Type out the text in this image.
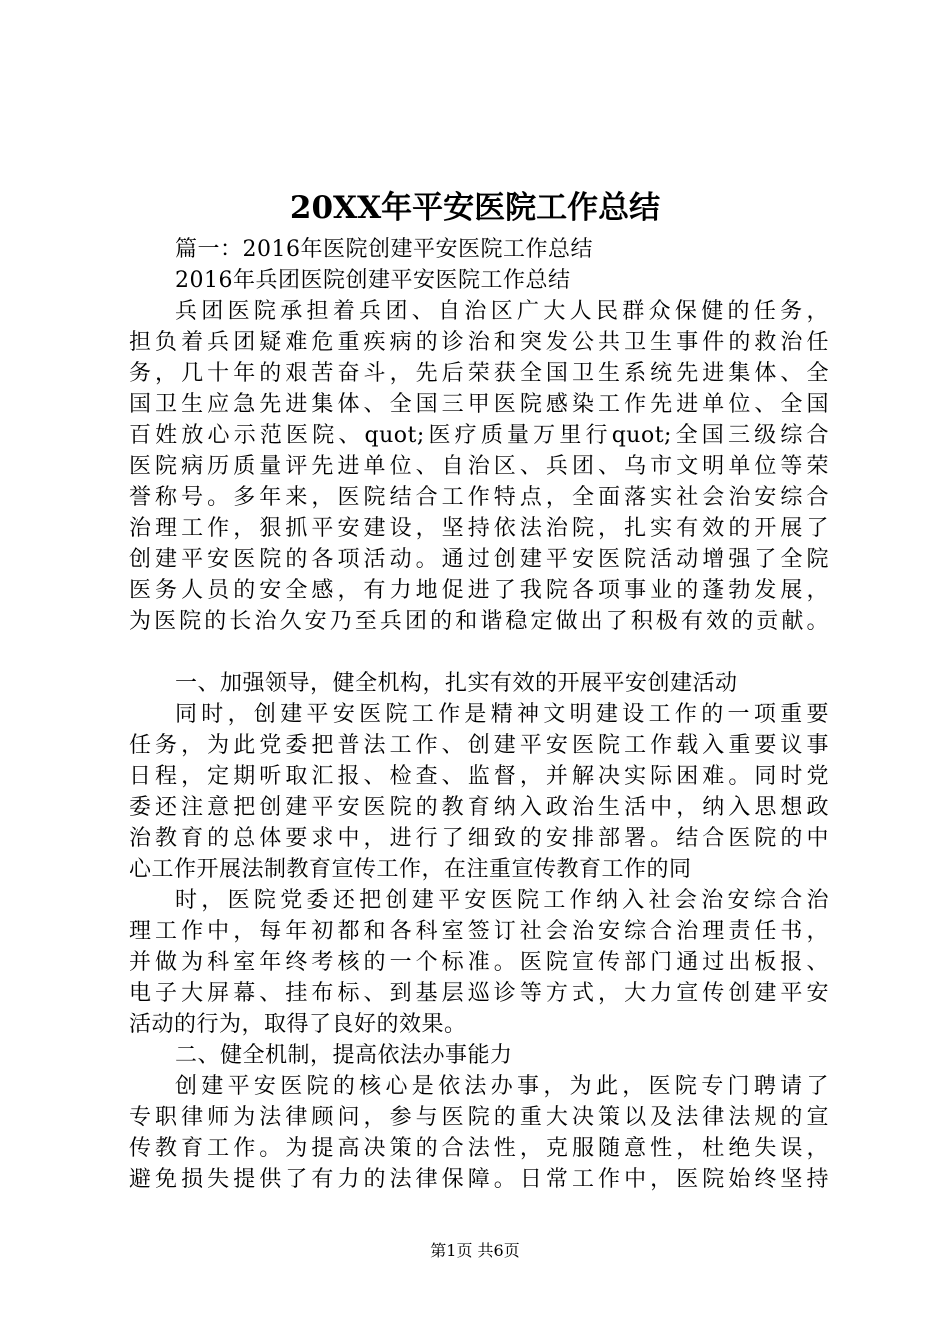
20XX年平安医院工作总结
篇一：2016年医院创建平安医院工作总结
2016年兵团医院创建平安医院工作总结
兵团医院承担着兵团、自治区广大人民群众保健的任务，
担负着兵团疑难危重疾病的诊治和突发公共卫生事件的救治任
务，几十年的艰苦奋斗，先后荣获全国卫生系统先进集体、全
国卫生应急先进集体、全国三甲医院感染工作先进单位、全国
百姓放心示范医院、quot;医疗质量万里行quot;全国三级综合
医院病历质量评先进单位、自治区、兵团、乌市文明单位等荣
誉称号。多年来，医院结合工作特点，全面落实社会治安综合
治理工作，狠抓平安建设，坚持依法治院，扎实有效的开展了
创建平安医院的各项活动。通过创建平安医院活动增强了全院
医务人员的安全感，有力地促进了我院各项事业的蓬勃发展，
为医院的长治久安乃至兵团的和谐稳定做出了积极有效的贡献。
一、加强领导，健全机构，扎实有效的开展平安创建活动
同时，创建平安医院工作是精神文明建设工作的一项重要
任务，为此党委把普法工作、创建平安医院工作载入重要议事
日程，定期听取汇报、检查、监督，并解决实际困难。同时党
委还注意把创建平安医院的教育纳入政治生活中，纳入思想政
治教育的总体要求中，进行了细致的安排部署。结合医院的中
心工作开展法制教育宣传工作，在注重宣传教育工作的同
时，医院党委还把创建平安医院工作纳入社会治安综合治
理工作中，每年初都和各科室签订社会治安综合治理责任书，
并做为科室年终考核的一个标准。医院宣传部门通过出板报、
电子大屏幕、挂布标、到基层巡诊等方式，大力宣传创建平安
活动的行为，取得了良好的效果。
二、健全机制，提高依法办事能力
创建平安医院的核心是依法办事，为此，医院专门聘请了
专职律师为法律顾问，参与医院的重大决策以及法律法规的宣
传教育工作。为提高决策的合法性，克服随意性，杜绝失误，
避免损失提供了有力的法律保障。日常工作中，医院始终坚持
第1页 共6页
